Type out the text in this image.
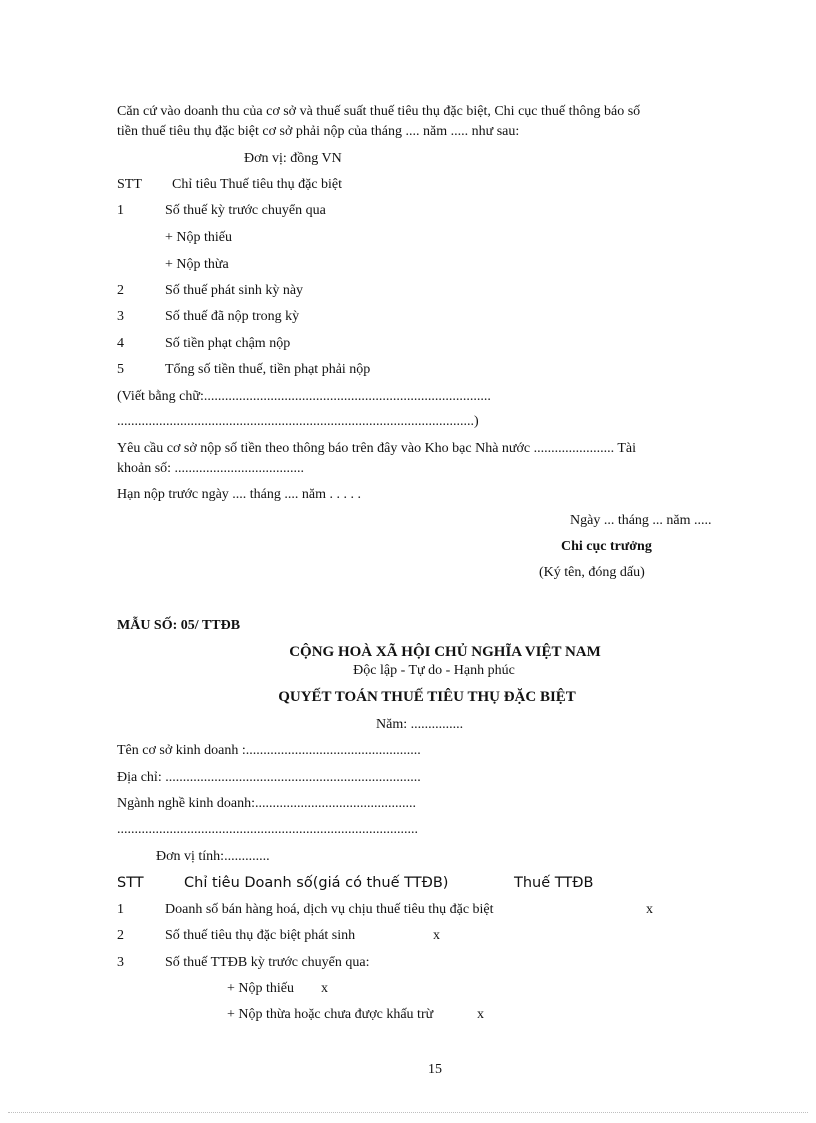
Căn cứ vào doanh thu của cơ sở và thuế suất thuế tiêu thụ đặc biệt, Chi cục thuế thông báo số
tiền thuế tiêu thụ đặc biệt cơ sở phải nộp của tháng .... năm ..... như sau:
Đơn vị: đồng VN
STT Chỉ tiêu Thuế tiêu thụ đặc biệt
1	Số thuế kỳ trước chuyển qua
+ Nộp thiếu
+ Nộp thừa
2	Số thuế phát sinh kỳ này
3	Số thuế đã nộp trong kỳ
4	Số tiền phạt chậm nộp
5	Tổng số tiền thuế, tiền phạt phải nộp
(Viết bằng chữ:..................................................................................
......................................................................................................)
Yêu cầu cơ sở nộp số tiền theo thông báo trên đây vào Kho bạc Nhà nước ....................... Tài
khoản số: .....................................
Hạn nộp trước ngày .... tháng .... năm . . . . .
Ngày ... tháng ... năm .....
Chi cục trưởng
(Ký tên, đóng dấu)
MẪU SỐ: 05/ TTĐB
CỘNG HOÀ XÃ HỘI CHỦ NGHĨA VIỆT NAM
Độc lập - Tự do - Hạnh phúc
QUYẾT TOÁN THUẾ TIÊU THỤ ĐẶC BIỆT
Năm: ...............
Tên cơ sở kinh doanh :..................................................
Địa chỉ: .........................................................................
Ngành nghề kinh doanh:..............................................
......................................................................................
Đơn vị tính:.............
STT	Chỉ tiêu Doanh số(giá có thuế TTĐB)	Thuế TTĐB
1	Doanh số bán hàng hoá, dịch vụ chịu thuế tiêu thụ đặc biệt	x
2	Số thuế tiêu thụ đặc biệt phát sinh	x
3	Số thuế TTĐB kỳ trước chuyển qua:
+ Nộp thiếu x
+ Nộp thừa hoặc chưa được khấu trừ	x
15
